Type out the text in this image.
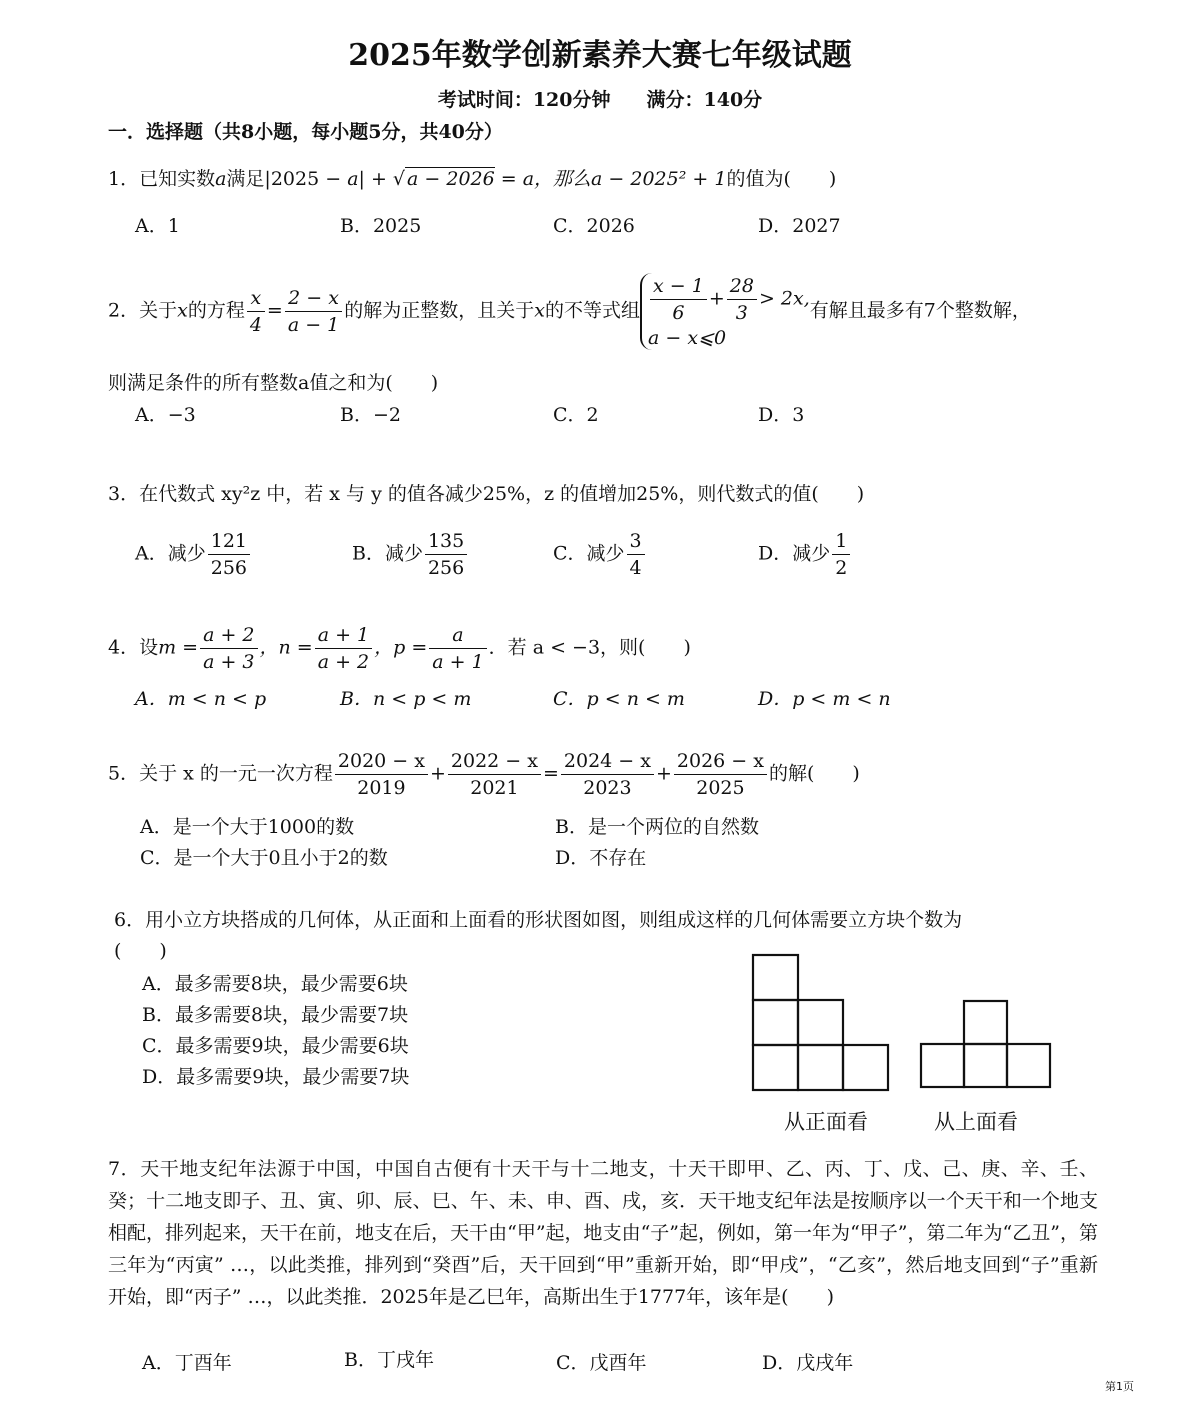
2025年数学创新素养大赛七年级试题
考试时间：120分钟 满分：140分
一．选择题（共8小题，每小题5分，共40分）
1．已知实数a满足|2025 − a| + √ a − 2026 = a，那么a − 2025² + 1的值为(　　)
A．1	B．2025	C．2026	D．2027
2．关于x的方程 $\frac{x}{4} = \frac{2 - x}{a - 1}$ 的解为正整数，且关于x的不等式组 $\frac{x - 1}{6} + \frac{28}{3} > 2x$,
a − x⩽0
有解且最多有7个整数解，
则满足条件的所有整数a值之和为(　　)
A．−3	B．−2	C．2	D．3
3．在代数式 xy²z 中，若 x 与 y 的值各减少25%，z 的值增加25%，则代数式的值(　　)
A．减少 $\frac{121}{256}$	B．减少 $\frac{135}{256}$	C．减少 $\frac{3}{4}$	D．减少 $\frac{1}{2}$
4．设$m = \frac{a + 2}{a + 3}$ ，$n = \frac{a + 1}{a + 2}$ ，$p = \frac{a}{a + 1}$ ．若 a < −3，则(　　)
A．m < n < p	B．n < p < m	C．p < n < m	D．p < m < n
5．关于 x 的一元一次方程 $\frac{2020 - x}{2019} + \frac{2022 - x}{2021} = \frac{2024 - x}{2023} + \frac{2026 - x}{2025}$ 的解(　　)
A．是一个大于1000的数	B．是一个两位的自然数
C．是一个大于0且小于2的数	D．不存在
6．用小立方块搭成的几何体，从正面和上面看的形状图如图，则组成这样的几何体需要立方块个数为
(　　)
A．最多需要8块，最少需要6块
B．最多需要8块，最少需要7块
C．最多需要9块，最少需要6块
D．最多需要9块，最少需要7块
从正面看	从上面看
7．天干地支纪年法源于中国，中国自古便有十天干与十二地支，十天干即甲、乙、丙、丁、戊、己、庚、辛、壬、癸；十二地支即子、丑、寅、卯、辰、巳、午、未、申、酉、戌，亥．天干地支纪年法是按顺序以一个天干和一个地支相配，排列起来，天干在前，地支在后，天干由“甲”起，地支由“子”起，例如，第一年为“甲子”，第二年为“乙丑”，第三年为“丙寅” …，以此类推，排列到“癸酉”后，天干回到“甲”重新开始，即“甲戌”，“乙亥”，然后地支回到“子”重新开始，即“丙子” …，以此类推．2025年是乙巳年，高斯出生于1777年，该年是(　　)
A．丁酉年	B．丁戌年	C．戊酉年	D．戊戌年
第1页
